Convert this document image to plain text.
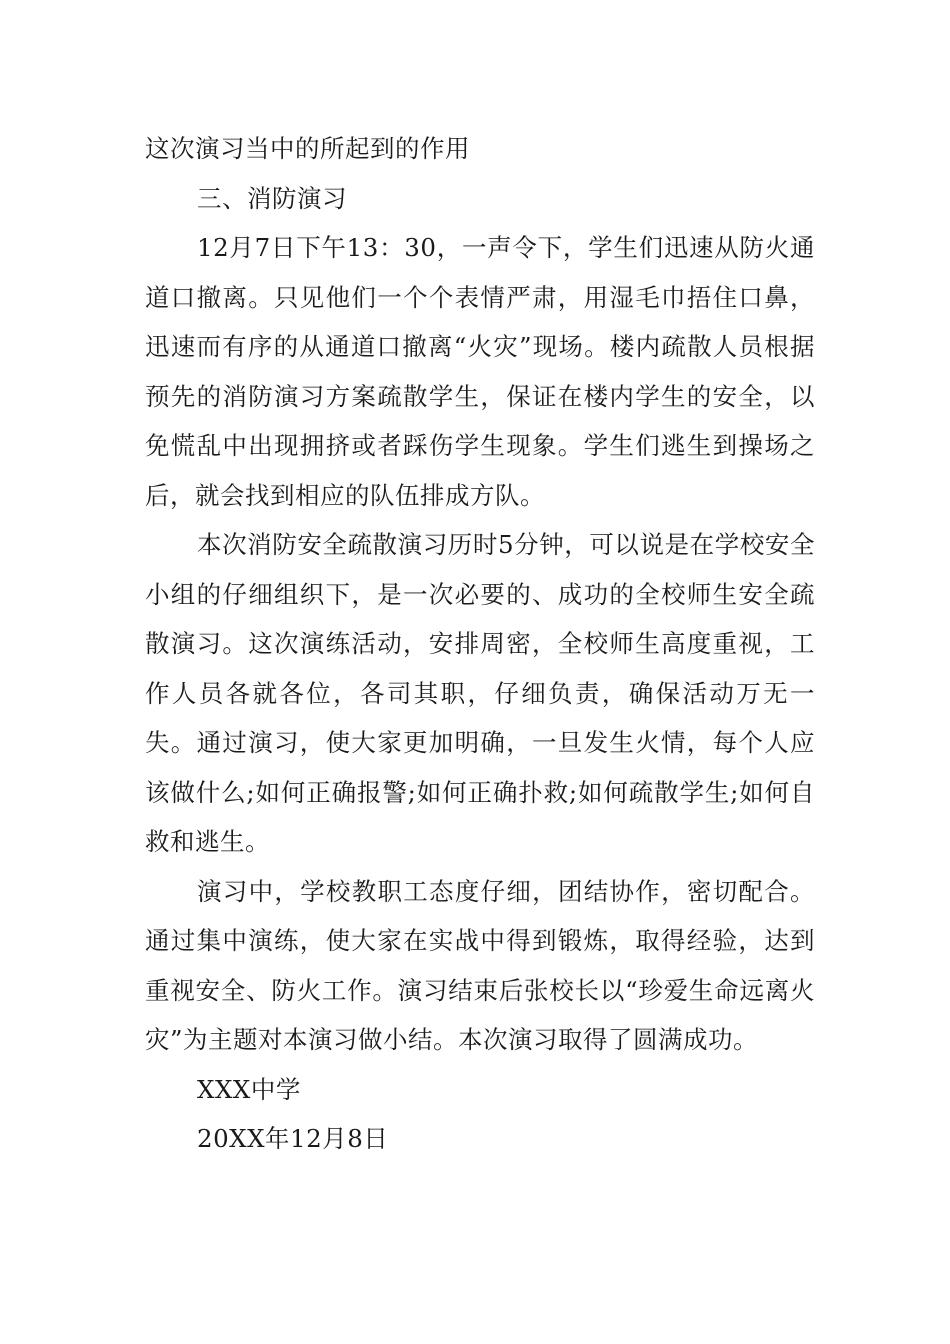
这次演习当中的所起到的作用

三、消防演习

12月7日下午13：30，一声令下，学生们迅速从防火通道口撤离。只见他们一个个表情严肃，用湿毛巾捂住口鼻，迅速而有序的从通道口撤离“火灾”现场。楼内疏散人员根据预先的消防演习方案疏散学生，保证在楼内学生的安全，以免慌乱中出现拥挤或者踩伤学生现象。学生们逃生到操场之后，就会找到相应的队伍排成方队。

本次消防安全疏散演习历时5分钟，可以说是在学校安全小组的仔细组织下，是一次必要的、成功的全校师生安全疏散演习。这次演练活动，安排周密，全校师生高度重视，工作人员各就各位，各司其职，仔细负责，确保活动万无一失。通过演习，使大家更加明确，一旦发生火情，每个人应该做什么;如何正确报警;如何正确扑救;如何疏散学生;如何自救和逃生。

演习中，学校教职工态度仔细，团结协作，密切配合。通过集中演练，使大家在实战中得到锻炼，取得经验，达到重视安全、防火工作。演习结束后张校长以“珍爱生命远离火灾”为主题对本演习做小结。本次演习取得了圆满成功。

XXX中学

20XX年12月8日
